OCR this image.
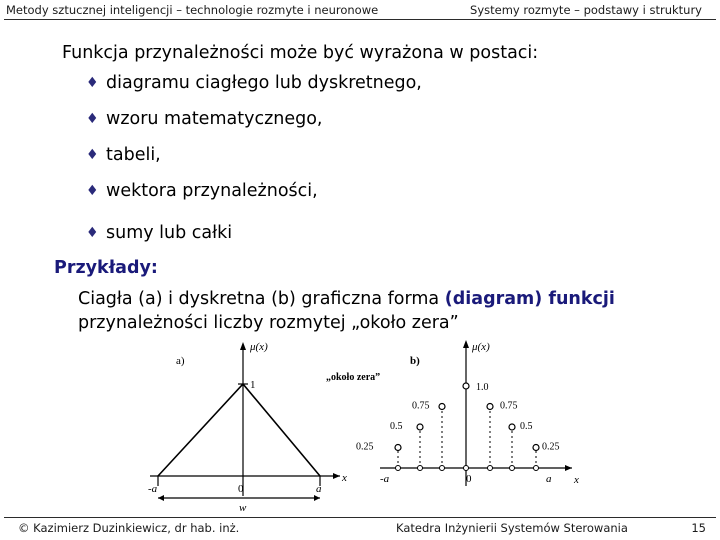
Metody sztucznej inteligencji – technologie rozmyte i neuronowe	Systemy rozmyte – podstawy i struktury
Funkcja przynależności może być wyrażona w postaci:
♦ diagramu ciagłego lub dyskretnego,
♦ wzoru matematycznego,
♦ tabeli,
♦ wektora przynależności,
♦ sumy lub całki
Przykłady:
Ciagła (a) i dyskretna (b) graficzna forma (diagram) funkcji
przynależności liczby rozmytej „około zera”
a)
μ(x)
1
x
-a	0	a
w
0.25
0.5
0.75
1.0
0.75
0.5
0.25
b)
μ(x)
„około zera”
x
-a	0	a
© Kazimierz Duzinkiewicz, dr hab. inż.	Katedra Inżynierii Systemów Sterowania	15
